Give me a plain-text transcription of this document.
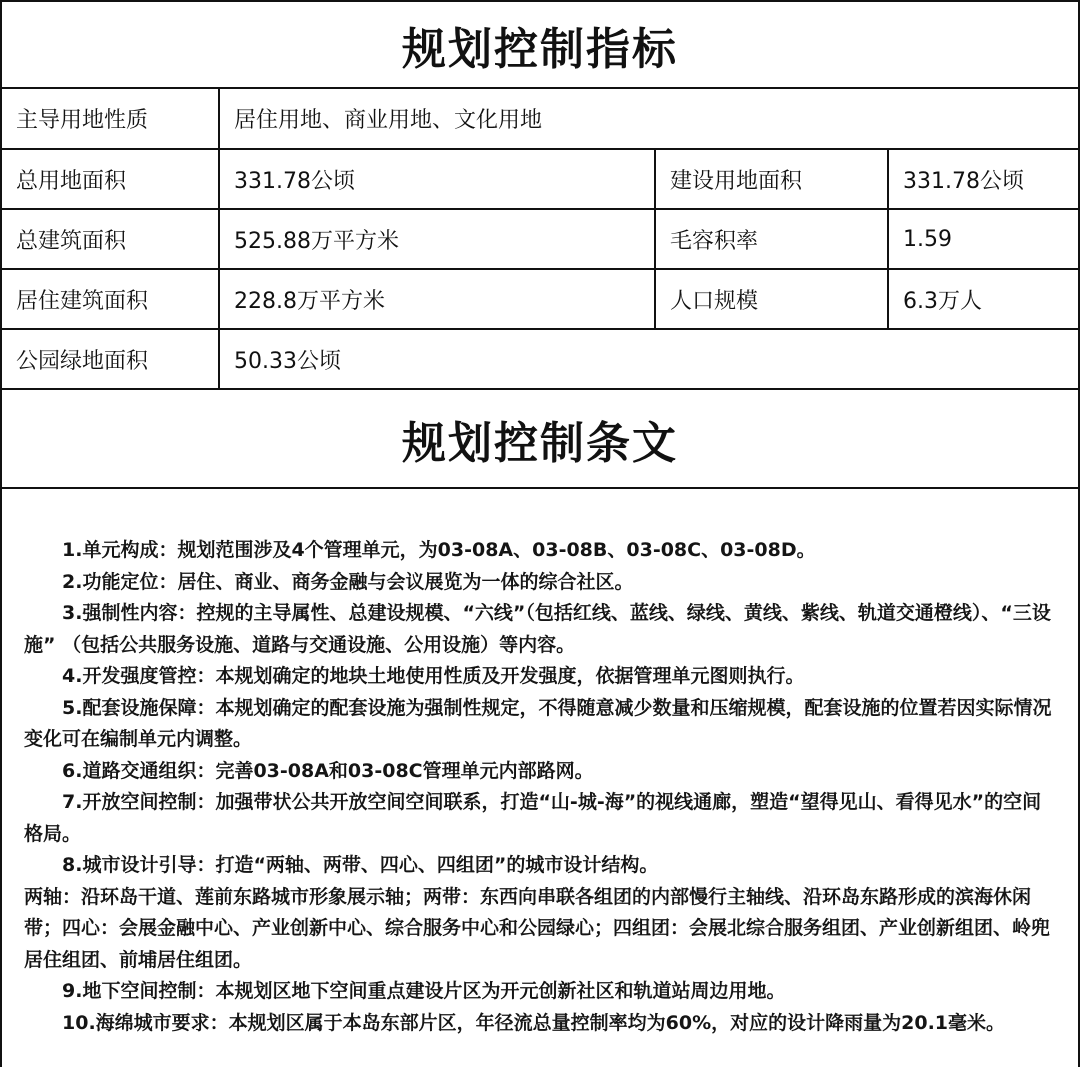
规划控制指标
主导用地性质	居住用地、商业用地、文化用地		
总用地面积	331.78公顷	建设用地面积	331.78公顷
总建筑面积	525.88万平方米	毛容积率	1.59
居住建筑面积	228.8万平方米	人口规模	6.3万人
公园绿地面积	50.33公顷		
规划控制条文

1.单元构成：规划范围涉及4个管理单元，为03-08A、03-08B、03-08C、03-08D。

2.功能定位：居住、商业、商务金融与会议展览为一体的综合社区。

3.强制性内容：控规的主导属性、总建设规模、“六线”（包括红线、蓝线、绿线、黄线、紫线、轨道交通橙线）、“三设施” （包括公共服务设施、道路与交通设施、公用设施）等内容。

4.开发强度管控：本规划确定的地块土地使用性质及开发强度，依据管理单元图则执行。

5.配套设施保障：本规划确定的配套设施为强制性规定，不得随意减少数量和压缩规模，配套设施的位置若因实际情况变化可在编制单元内调整。

6.道路交通组织：完善03-08A和03-08C管理单元内部路网。

7.开放空间控制：加强带状公共开放空间空间联系，打造“山-城-海”的视线通廊，塑造“望得见山、看得见水”的空间格局。

8.城市设计引导：打造“两轴、两带、四心、四组团”的城市设计结构。

两轴：沿环岛干道、莲前东路城市形象展示轴；两带：东西向串联各组团的内部慢行主轴线、沿环岛东路形成的滨海休闲带；四心：会展金融中心、产业创新中心、综合服务中心和公园绿心；四组团：会展北综合服务组团、产业创新组团、岭兜居住组团、前埔居住组团。

9.地下空间控制：本规划区地下空间重点建设片区为开元创新社区和轨道站周边用地。

10.海绵城市要求：本规划区属于本岛东部片区，年径流总量控制率均为60%，对应的设计降雨量为20.1毫米。
